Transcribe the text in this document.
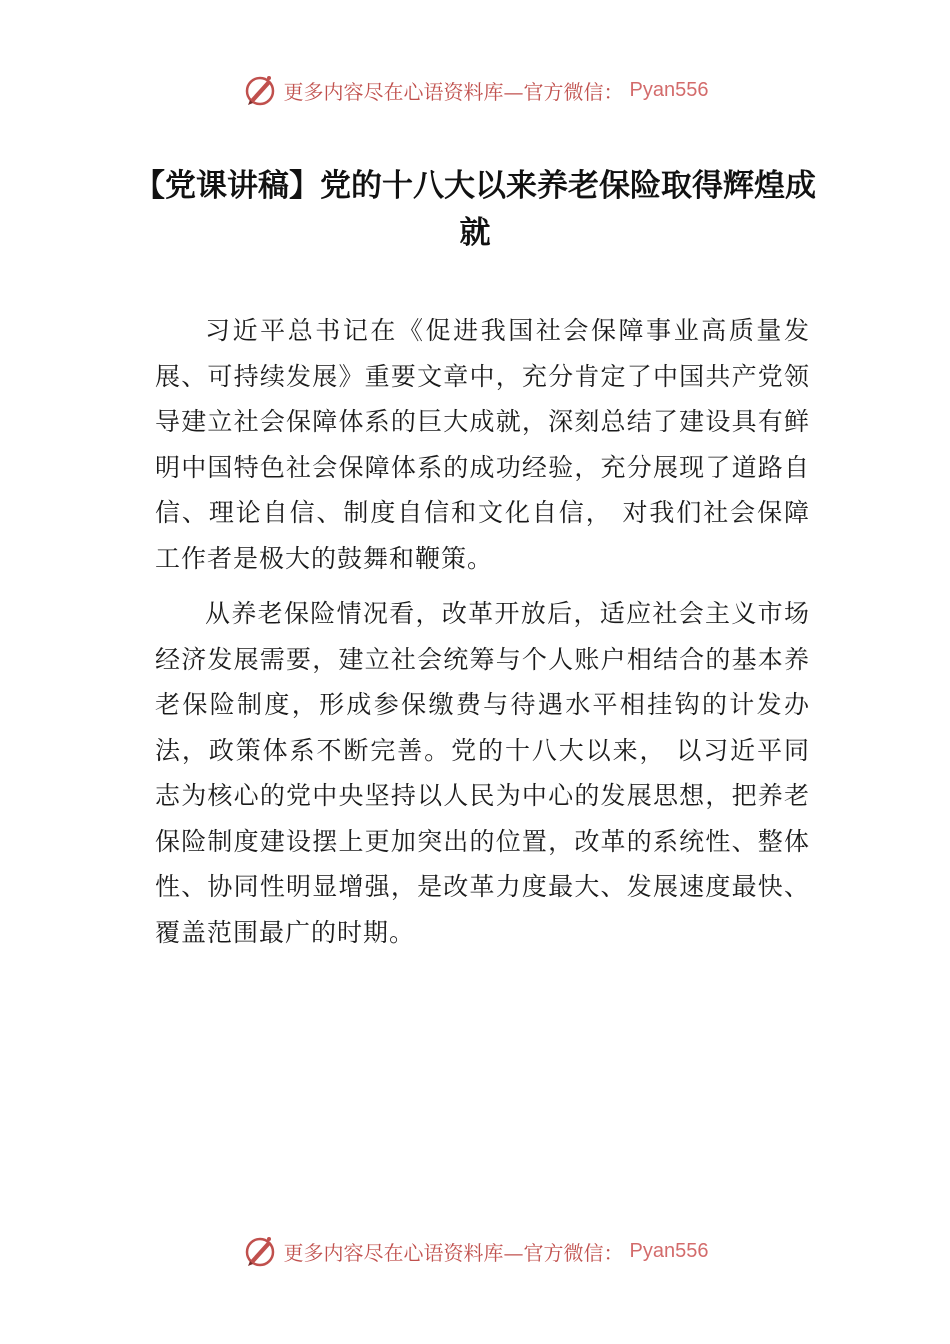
更多内容尽在心语资料库—官方微信： Pyan556
【党课讲稿】党的十八大以来养老保险取得辉煌成就

习近平总书记在《促进我国社会保障事业高质量发展、可持续发展》重要文章中，充分肯定了中国共产党领导建立社会保障体系的巨大成就，深刻总结了建设具有鲜明中国特色社会保障体系的成功经验，充分展现了道路自信、理论自信、制度自信和文化自信， 对我们社会保障工作者是极大的鼓舞和鞭策。

从养老保险情况看，改革开放后，适应社会主义市场经济发展需要，建立社会统筹与个人账户相结合的基本养老保险制度，形成参保缴费与待遇水平相挂钩的计发办法，政策体系不断完善。党的十八大以来， 以习近平同志为核心的党中央坚持以人民为中心的发展思想，把养老保险制度建设摆上更加突出的位置，改革的系统性、整体性、协同性明显增强，是改革力度最大、发展速度最快、覆盖范围最广的时期。

更多内容尽在心语资料库—官方微信： Pyan556
